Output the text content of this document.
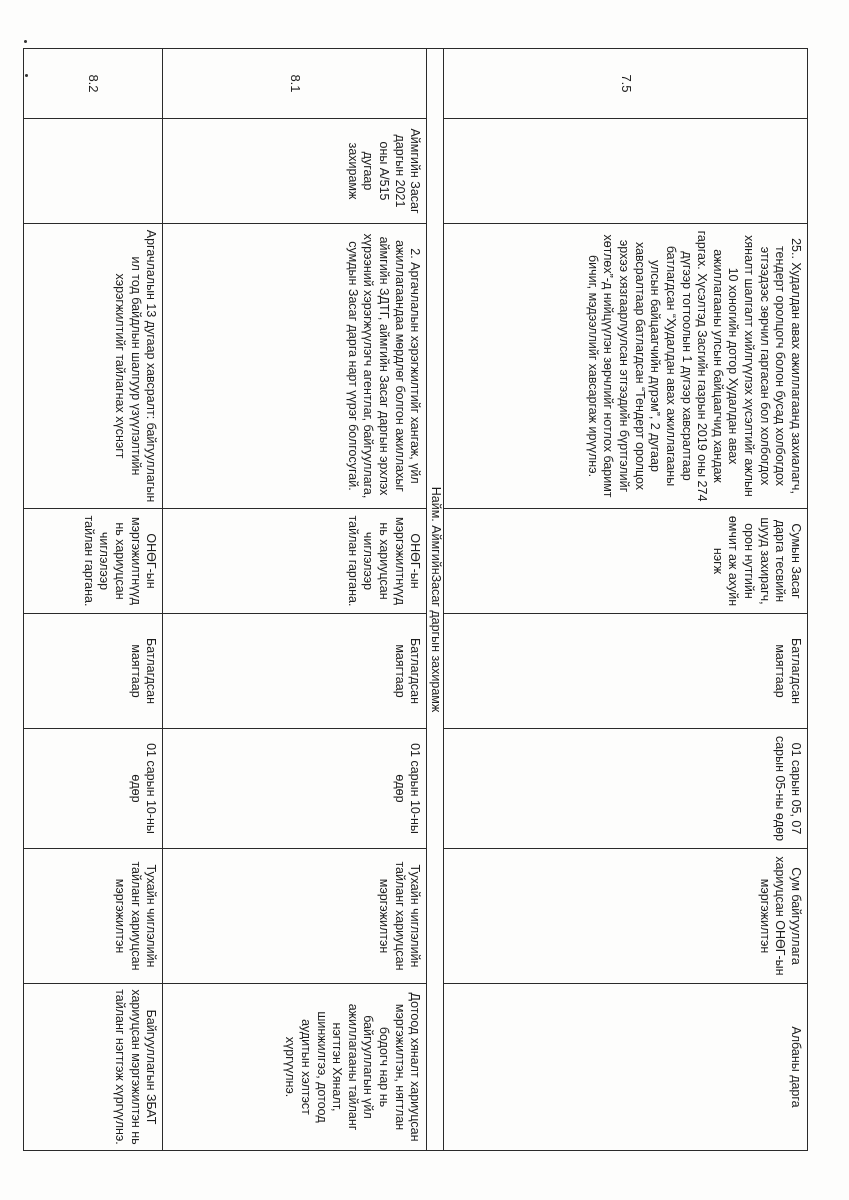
7.5		25.. Худалдан авах ажиллагаанд захиалагч, тендерт оролцогч болон бусад холбогдох этгээдээс зөрчил гаргасан бол холбогдох хяналт шалгалт хийлгүүлэх хүсэлтийг ажлын 10 хоногийн дотор Худалдан авах ажиллагааны улсын байцаагчид хандаж гаргах. Хүсэлтэд Засгийн газрын 2019 оны 274 дүгээр тогтоолын 1 дүгээр хавсралтаар батлагдсан “Худалдан авах ажиллагааны улсын байцаагчийн дүрэм”, 2 дугаар хавсралтаар батлагдсан “Тендерт оролцох эрхээ хязгаарлуулсан этгээдийн бүртгэлийг хөтлөх”-д нийцүүлэн зөрчлийг нотлох баримт бичиг, мэдээллийг хавсаргаж ирүүлнэ.	Сумын Засаг дарга тесвийн шууд захирагч, орон нутгийн өмчит аж ахуйн нэгж	Батлагдсан маягтаар	01 сарын 05, 07 сарын 05-ны өдөр	Сум байгууллага хариуцсан ОНӨГ-ын мэргэжилтэн	Албаны дарга
Найм. АймгийнЗасаг даргын захирамж							
8.1	Аймгийн Засаг даргын 2021 оны А/515 дугаар захирамж	2. Аргачлалын хэрэгжилтийг хангаж, үйл ажиллагаандаа мөрдлөг болгон ажиллахыг аймгийн ЗДТГ, аймгийн Засаг даргын эрхлэх хүрээний хэрэгжүүлэгч агентлаг, байгууллага, сумдын Засаг дарга нарт үүрэг болгосугай.	ОНӨГ-ын мэргэжилтнүүд нь хариуцсан чиглэлээр тайлан гаргана.	Батлагдсан маягтаар	01 сарын 10-ны өдөр	Тухайн чиглэлийн тайланг хариуцсан мэргэжилтэн	Дотоод хяналт хариуцсан мэргэжилтэн, нягтлан бодогч нар нь байгууллагын үйл ажиллагааны тайланг нэгтгэн Хяналт, шинжилгээ, дотоод аудитын хэлтэст хүргүүлнэ.
8.2		Аргачлалын 13 дугаар хавсралт: байгууллагын ил тод байдлын шалгуур үзүүлэлтийн хэрэгжилтийг тайлагнах хүснэгт	ОНӨГ-ын мэргэжилтнүүд нь хариуцсан чиглэлээр тайлан гаргана.	Батлагдсан маягтаар	01 сарын 10-ны өдөр	Тухайн чиглэлийн тайланг хариуцсан мэргэжилтэн	Байгууллагын ЗБАТ хариуцсан мэргэжилтэн нь тайланг нэгтгэж хүргүүлнэ.
